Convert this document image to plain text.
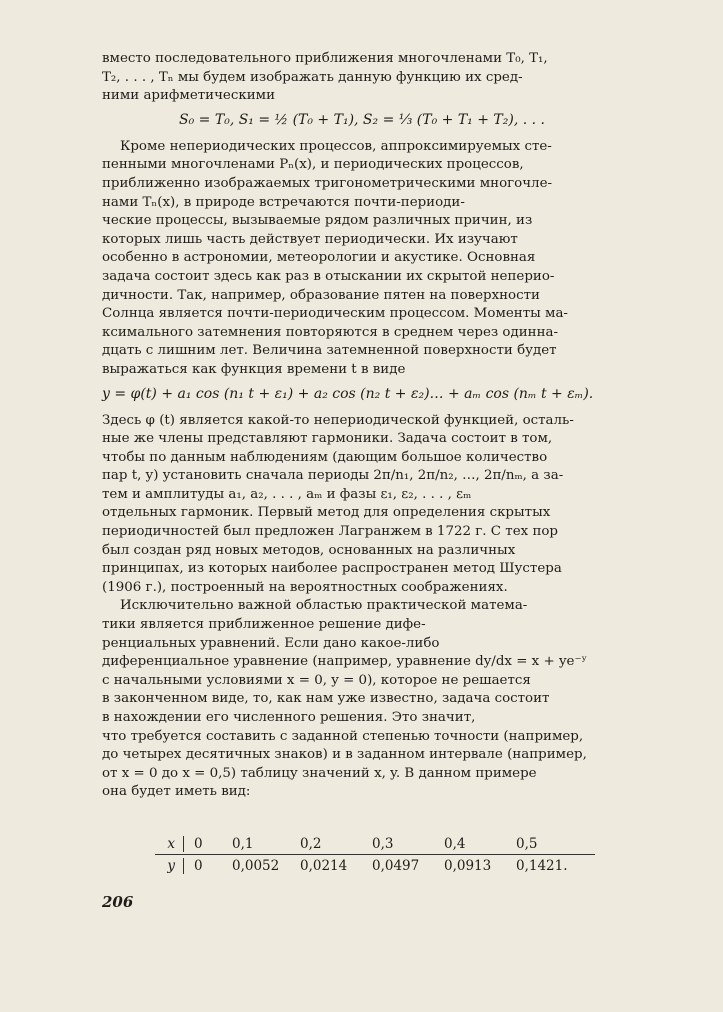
вместо последовательного приближения многочленами T₀, T₁,
T₂, . . . , Tₙ мы будем изображать данную функцию их сред-
ними арифметическими

S₀ = T₀, S₁ = ½ (T₀ + T₁), S₂ = ⅓ (T₀ + T₁ + T₂), . . .

Кроме непериодических процессов, аппроксимируемых сте-
пенными многочленами Pₙ(x), и периодических процессов,
приближенно изображаемых тригонометрическими многочле-
нами Tₙ(x), в природе встречаются почти-периоди-
ческие процессы, вызываемые рядом различных причин, из
которых лишь часть действует периодически. Их изучают
особенно в астрономии, метеорологии и акустике. Основная
задача состоит здесь как раз в отыскании их скрытой неперио-
дичности. Так, например, образование пятен на поверхности
Солнца является почти-периодическим процессом. Моменты ма-
ксимального затемнения повторяются в среднем через одинна-
дцать с лишним лет. Величина затемненной поверхности будет
выражаться как функция времени t в виде

y = φ(t) + a₁ cos (n₁ t + ε₁) + a₂ cos (n₂ t + ε₂)… + aₘ cos (nₘ t + εₘ).

Здесь φ (t) является какой-то непериодической функцией, осталь-
ные же члены представляют гармоники. Задача состоит в том,
чтобы по данным наблюдениям (дающим большое количество
пар t, y) установить сначала периоды 2π/n₁, 2π/n₂, …, 2π/nₘ, а за-
тем и амплитуды a₁, a₂, . . . , aₘ и фазы ε₁, ε₂, . . . , εₘ
отдельных гармоник. Первый метод для определения скрытых
периодичностей был предложен Лагранжем в 1722 г. С тех пор
был создан ряд новых методов, основанных на различных
принципах, из которых наиболее распространен метод Шустера
(1906 г.), построенный на вероятностных соображениях.

Исключительно важной областью практической матема-
тики является приближенное решение дифе-
ренциальных уравнений. Если дано какое-либо
диференциальное уравнение (например, уравнение dy/dx = x + ye⁻ʸ
с начальными условиями x = 0, y = 0), которое не решается
в законченном виде, то, как нам уже известно, задача состоит
в нахождении его численного решения. Это значит,
что требуется составить с заданной степенью точности (например,
до четырех десятичных знаков) и в заданном интервале (например,
от x = 0 до x = 0,5) таблицу значений x, y. В данном примере
она будет иметь вид:

x	0	0,1	0,2	0,3	0,4	0,5
y	0	0,0052	0,0214	0,0497	0,0913	0,1421.
206
